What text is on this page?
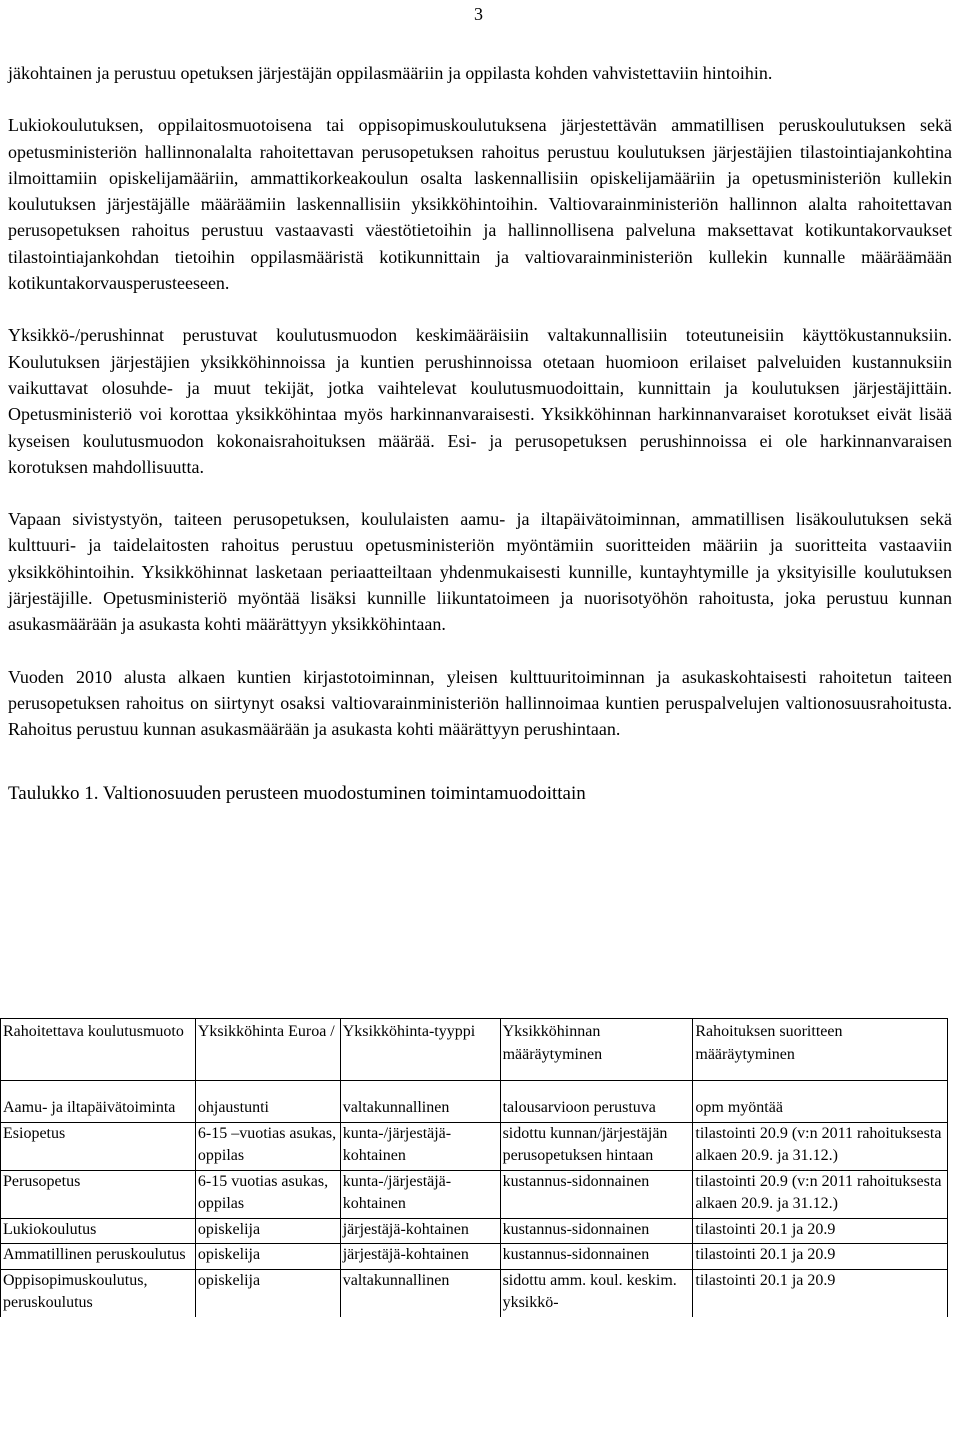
3

jäkohtainen ja perustuu opetuksen järjestäjän oppilasmääriin ja oppilasta kohden vahvistettaviin hintoihin.

Lukiokoulutuksen, oppilaitosmuotoisena tai oppisopimuskoulutuksena järjestettävän ammatillisen peruskoulutuksen sekä opetusministeriön hallinnonalalta rahoitettavan perusopetuksen rahoitus perustuu koulutuksen järjestäjien tilastointiajankohtina ilmoittamiin opiskelijamääriin, ammattikorkeakoulun osalta laskennallisiin opiskelijamääriin ja opetusministeriön kullekin koulutuksen järjestäjälle määräämiin laskennallisiin yksikköhintoihin. Valtiovarainministeriön hallinnon alalta rahoitettavan perusopetuksen rahoitus perustuu vastaavasti väestötietoihin ja hallinnollisena palveluna maksettavat kotikuntakorvaukset tilastointiajankohdan tietoihin oppilasmääristä kotikunnittain ja valtiovarainministeriön kullekin kunnalle määräämään kotikuntakorvausperusteeseen.

Yksikkö-/perushinnat perustuvat koulutusmuodon keskimääräisiin valtakunnallisiin toteutuneisiin käyttökustannuksiin. Koulutuksen järjestäjien yksikköhinnoissa ja kuntien perushinnoissa otetaan huomioon erilaiset palveluiden kustannuksiin vaikuttavat olosuhde- ja muut tekijät, jotka vaihtelevat koulutusmuodoittain, kunnittain ja koulutuksen järjestäjittäin. Opetusministeriö voi korottaa yksikköhintaa myös harkinnanvaraisesti. Yksikköhinnan harkinnanvaraiset korotukset eivät lisää kyseisen koulutusmuodon kokonaisrahoituksen määrää. Esi- ja perusopetuksen perushinnoissa ei ole harkinnanvaraisen korotuksen mahdollisuutta.

Vapaan sivistystyön, taiteen perusopetuksen, koululaisten aamu- ja iltapäivätoiminnan, ammatillisen lisäkoulutuksen sekä kulttuuri- ja taidelaitosten rahoitus perustuu opetusministeriön myöntämiin suoritteiden määriin ja suoritteita vastaaviin yksikköhintoihin. Yksikköhinnat lasketaan periaatteiltaan yhdenmukaisesti kunnille, kuntayhtymille ja yksityisille koulutuksen järjestäjille. Opetusministeriö myöntää lisäksi kunnille liikuntatoimeen ja nuorisotyöhön rahoitusta, joka perustuu kunnan asukasmäärään ja asukasta kohti määrättyyn yksikköhintaan.

Vuoden 2010 alusta alkaen kuntien kirjastotoiminnan, yleisen kulttuuritoiminnan ja asukaskohtaisesti rahoitetun taiteen perusopetuksen rahoitus on siirtynyt osaksi valtiovarainministeriön hallinnoimaa kuntien peruspalvelujen valtionosuusrahoitusta. Rahoitus perustuu kunnan asukasmäärään ja asukasta kohti määrättyyn perushintaan.

Taulukko 1. Valtionosuuden perusteen muodostuminen toimintamuodoittain
Rahoitettava koulutusmuoto	Yksikköhinta Euroa /	Yksikköhinta-tyyppi	Yksikköhinnan määräytyminen	Rahoituksen suoritteen määräytyminen
Aamu- ja iltapäivätoiminta	ohjaustunti	valtakunnallinen	talousarvioon perustuva	opm myöntää
Esiopetus	6-15 –vuotias asukas, oppilas	kunta-/järjestäjä-kohtainen	sidottu kunnan/järjestäjän perusopetuksen hintaan	tilastointi 20.9 (v:n 2011 rahoituksesta alkaen 20.9. ja 31.12.)
Perusopetus	6-15 vuotias asukas, oppilas	kunta-/järjestäjä-kohtainen	kustannus-sidonnainen	tilastointi 20.9 (v:n 2011 rahoituksesta alkaen 20.9. ja 31.12.)
Lukiokoulutus	opiskelija	järjestäjä-kohtainen	kustannus-sidonnainen	tilastointi 20.1 ja 20.9
Ammatillinen peruskoulutus	opiskelija	järjestäjä-kohtainen	kustannus-sidonnainen	tilastointi 20.1 ja 20.9
Oppisopimuskoulutus, peruskoulutus	opiskelija	valtakunnallinen	sidottu amm. koul. keskim. yksikkö-	tilastointi 20.1 ja 20.9
